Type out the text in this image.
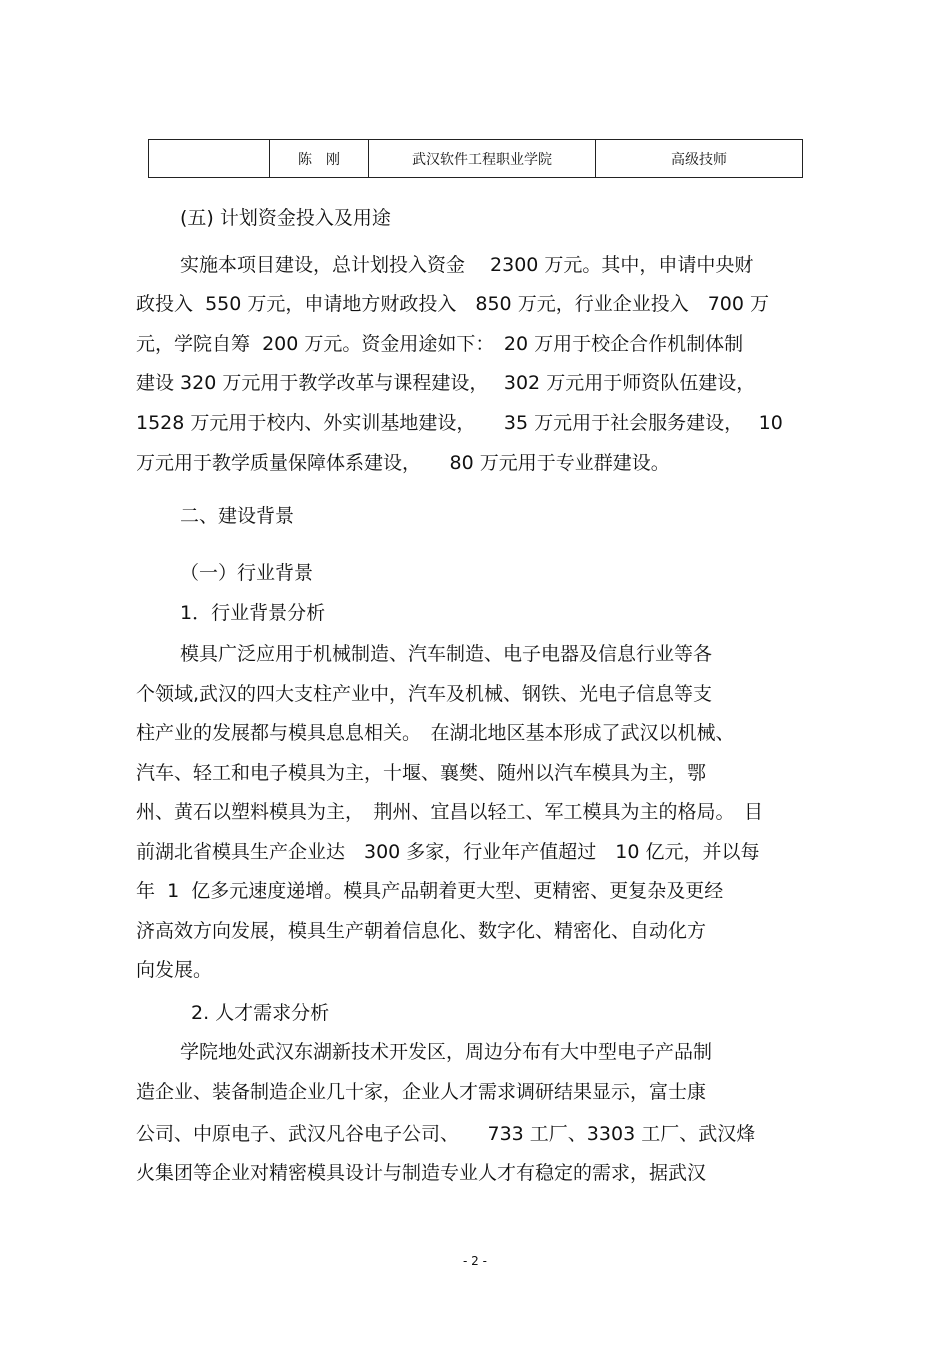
	陈　刚	武汉软件工程职业学院	高级技师
(五) 计划资金投入及用途
实施本项目建设，总计划投入资金　 2300 万元。其中，申请中央财
政投入  550 万元，申请地方财政投入　850 万元，行业企业投入　700 万
元，学院自筹  200 万元。资金用途如下：　20 万用于校企合作机制体制
建设 320 万元用于教学改革与课程建设，　 302 万元用于师资队伍建设，
1528 万元用于校内、外实训基地建设，　　35 万元用于社会服务建设，　 10
万元用于教学质量保障体系建设，　　80 万元用于专业群建设。
二、建设背景
（一）行业背景
1．行业背景分析
模具广泛应用于机械制造、汽车制造、电子电器及信息行业等各
个领域,武汉的四大支柱产业中，汽车及机械、钢铁、光电子信息等支
柱产业的发展都与模具息息相关。　在湖北地区基本形成了武汉以机械、
汽车、轻工和电子模具为主，十堰、襄樊、随州以汽车模具为主，鄂
州、黄石以塑料模具为主，　荆州、宜昌以轻工、军工模具为主的格局。　目
前湖北省模具生产企业达　300 多家，行业年产值超过　10 亿元，并以每
年  1  亿多元速度递增。模具产品朝着更大型、更精密、更复杂及更经
济高效方向发展，模具生产朝着信息化、数字化、精密化、自动化方
向发展。
2. 人才需求分析
学院地处武汉东湖新技术开发区，周边分布有大中型电子产品制
造企业、装备制造企业几十家，企业人才需求调研结果显示，富士康
公司、中原电子、武汉凡谷电子公司、　　733 工厂、3303 工厂、武汉烽
火集团等企业对精密模具设计与制造专业人才有稳定的需求，据武汉
- 2 -
